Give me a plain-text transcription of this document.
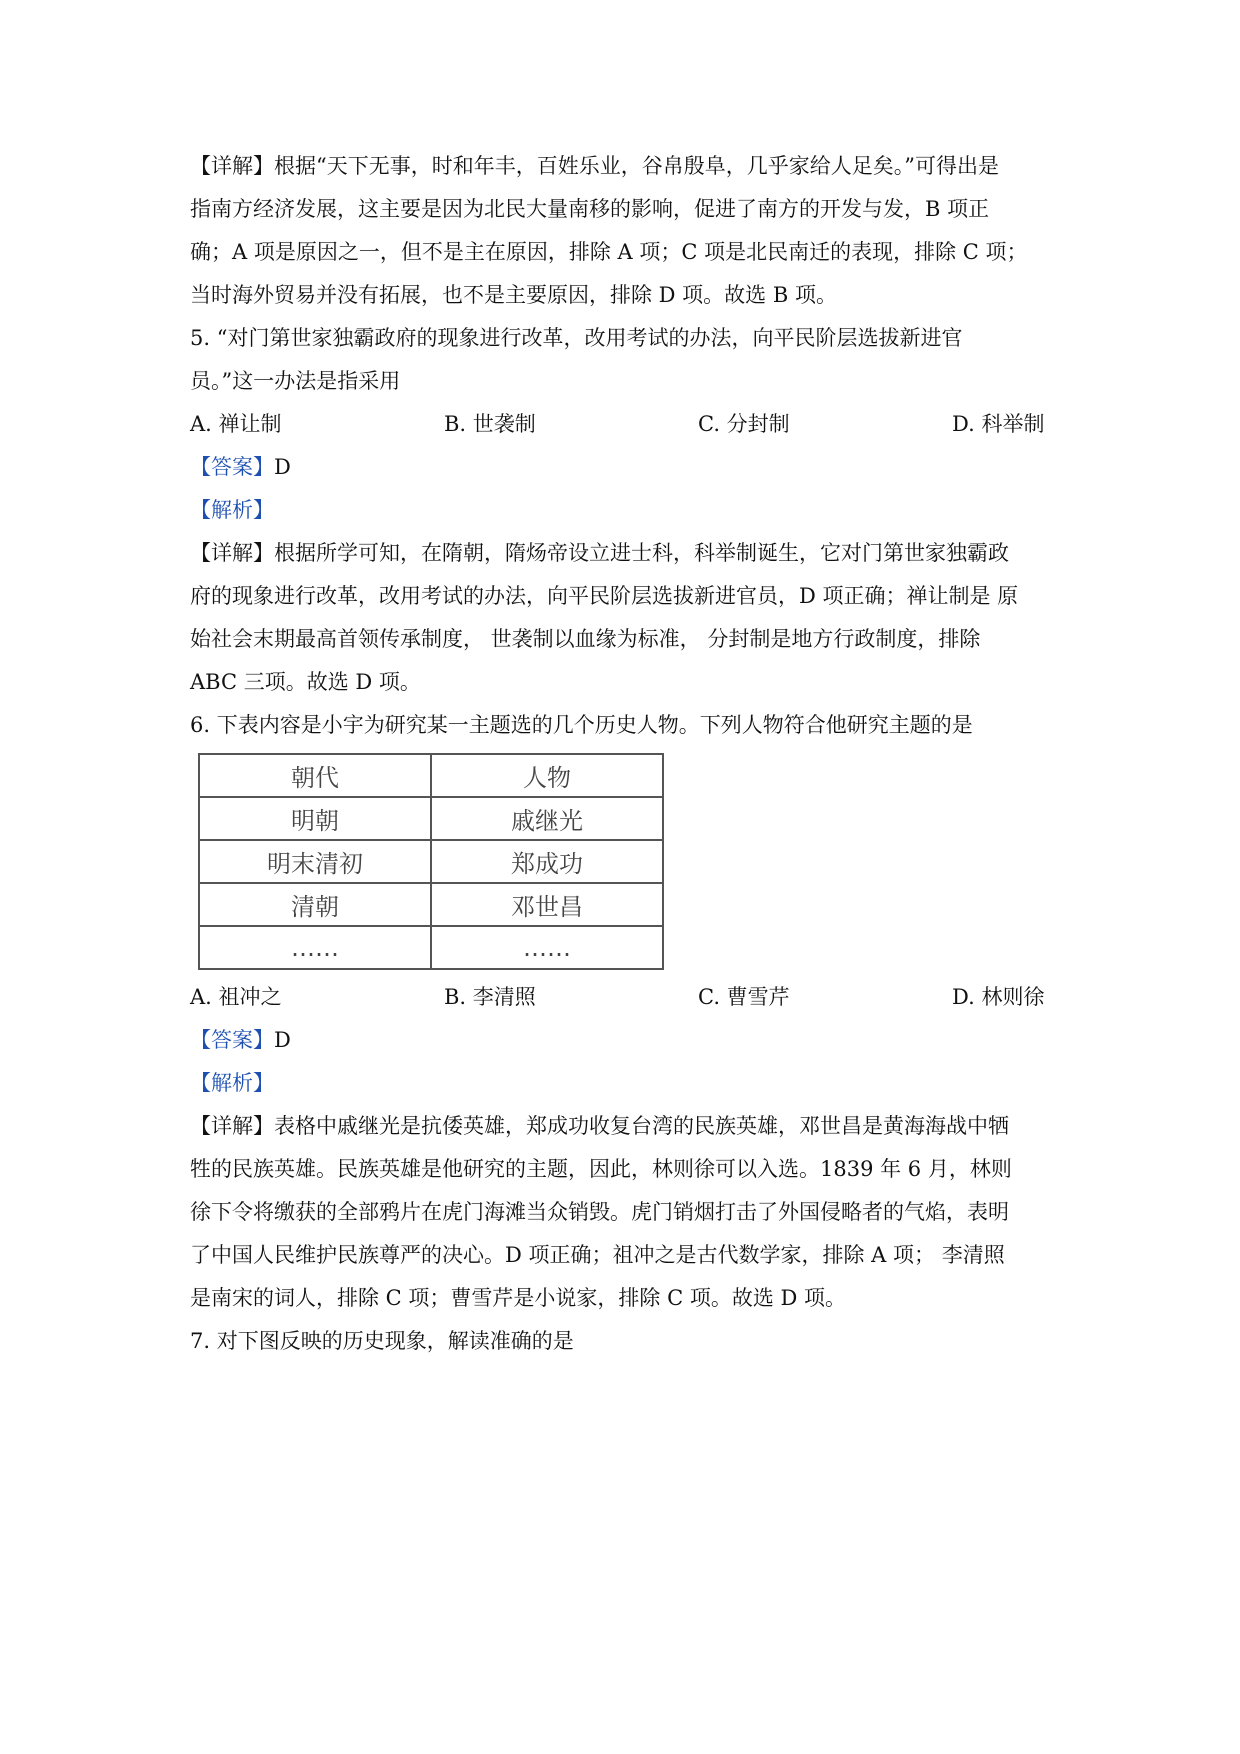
【详解】根据“天下无事，时和年丰，百姓乐业，谷帛殷阜，几乎家给人足矣。”可得出是
指南方经济发展，这主要是因为北民大量南移的影响，促进了南方的开发与发，B 项正
确；A 项是原因之一，但不是主在原因，排除 A 项；C 项是北民南迁的表现，排除 C 项；
当时海外贸易并没有拓展，也不是主要原因，排除 D 项。故选 B 项。
5. “对门第世家独霸政府的现象进行改革，改用考试的办法，向平民阶层选拔新进官
员。”这一办法是指采用
A. 禅让制	B. 世袭制	C. 分封制	D. 科举制
【答案】D
【解析】
【详解】根据所学可知，在隋朝，隋炀帝设立进士科，科举制诞生，它对门第世家独霸政
府的现象进行改革，改用考试的办法，向平民阶层选拔新进官员，D 项正确；禅让制是 原
始社会末期最高首领传承制度， 世袭制以血缘为标准， 分封制是地方行政制度，排除
ABC 三项。故选 D 项。
6. 下表内容是小宇为研究某一主题选的几个历史人物。下列人物符合他研究主题的是
朝代	人物
明朝	戚继光
明末清初	郑成功
清朝	邓世昌
……	……
A. 祖冲之	B. 李清照	C. 曹雪芹	D. 林则徐
【答案】D
【解析】
【详解】表格中戚继光是抗倭英雄，郑成功收复台湾的民族英雄，邓世昌是黄海海战中牺
牲的民族英雄。民族英雄是他研究的主题，因此，林则徐可以入选。1839 年 6 月，林则
徐下令将缴获的全部鸦片在虎门海滩当众销毁。虎门销烟打击了外国侵略者的气焰，表明
了中国人民维护民族尊严的决心。D 项正确；祖冲之是古代数学家，排除 A 项； 李清照
是南宋的词人，排除 C 项；曹雪芹是小说家，排除 C 项。故选 D 项。
7. 对下图反映的历史现象，解读准确的是
